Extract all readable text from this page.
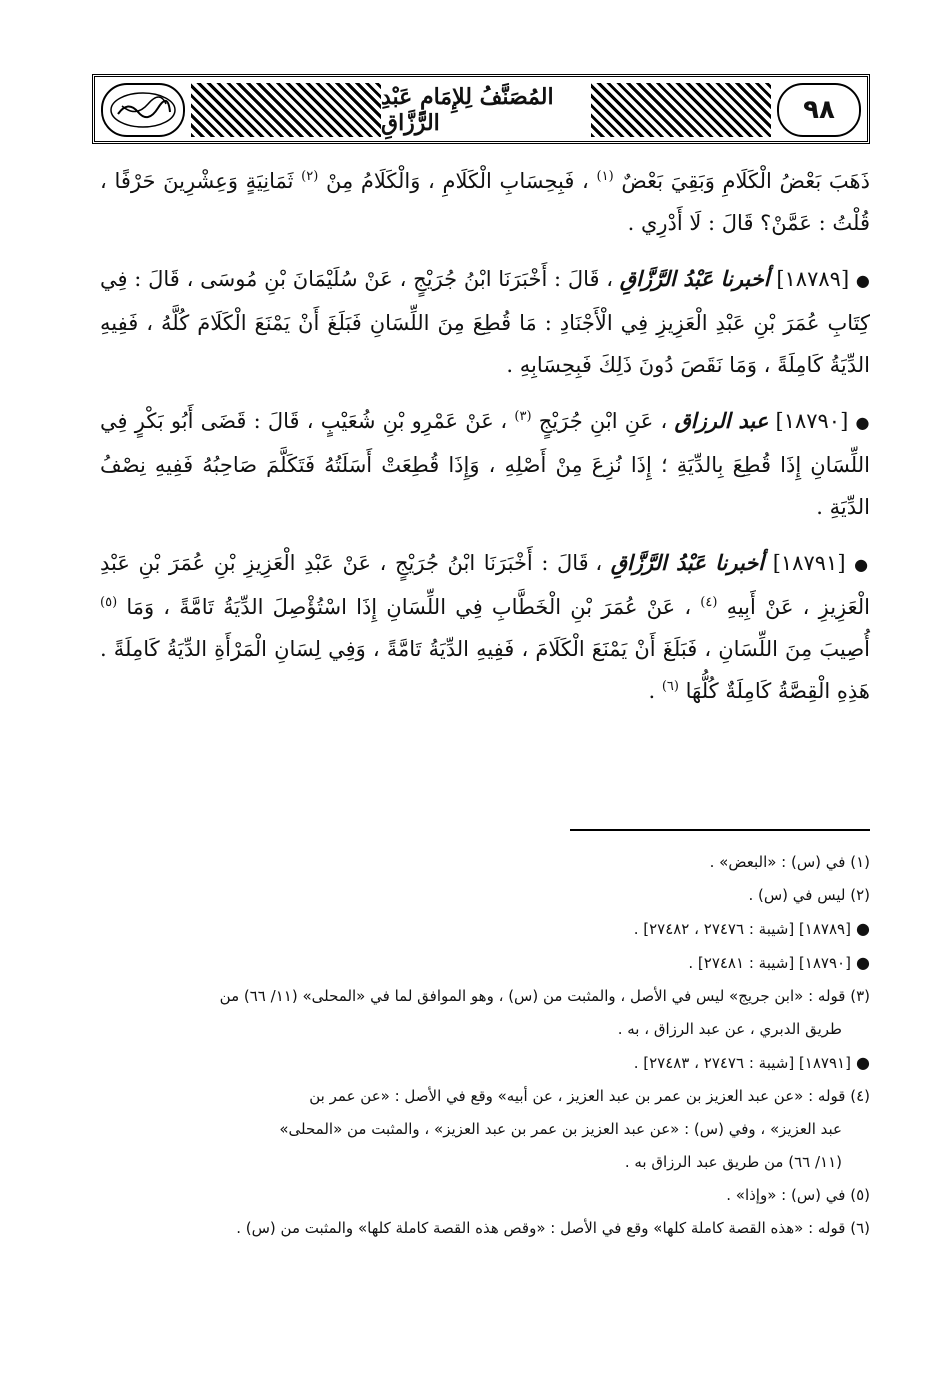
٩٨
المُصَنَّفُ لِلإِمَامِ عَبْدِ الرَّزَّاقِ

ذَهَبَ بَعْضُ الْكَلَامِ وَبَقِيَ بَعْضٌ $^{(١)}$ ، فَبِحِسَابِ الْكَلَامِ ، وَالْكَلَامُ مِنْ $^{(٢)}$ ثَمَانِيَةٍ وَعِشْرِينَ حَرْفًا ، قُلْتُ : عَمَّنْ؟ قَالَ : لَا أَدْرِي .

● [١٨٧٨٩] أخبرنا عَبْدُ الرَّزَّاقِ ، قَالَ : أَخْبَرَنَا ابْنُ جُرَيْجٍ ، عَنْ سُلَيْمَانَ بْنِ مُوسَى ، قَالَ : فِي كِتَابِ عُمَرَ بْنِ عَبْدِ الْعَزِيزِ فِي الْأَجْنَادِ : مَا قُطِعَ مِنَ اللِّسَانِ فَبَلَغَ أَنْ يَمْنَعَ الْكَلَامَ كُلَّهُ ، فَفِيهِ الدِّيَةُ كَامِلَةً ، وَمَا نَقَصَ دُونَ ذَلِكَ فَبِحِسَابِهِ .

● [١٨٧٩٠] عبد الرزاق ، عَنِ ابْنِ جُرَيْجٍ $^{(٣)}$ ، عَنْ عَمْرِو بْنِ شُعَيْبٍ ، قَالَ : قَضَى أَبُو بَكْرٍ فِي اللِّسَانِ إِذَا قُطِعَ بِالدِّيَةِ ؛ إِذَا نُزِعَ مِنْ أَصْلِهِ ، وَإِذَا قُطِعَتْ أَسَلَتُهُ فَتَكَلَّمَ صَاحِبُهُ فَفِيهِ نِصْفُ الدِّيَةِ .

● [١٨٧٩١] أخبرنا عَبْدُ الرَّزَّاقِ ، قَالَ : أَخْبَرَنَا ابْنُ جُرَيْجٍ ، عَنْ عَبْدِ الْعَزِيزِ بْنِ عُمَرَ بْنِ عَبْدِ الْعَزِيزِ ، عَنْ أَبِيهِ $^{(٤)}$ ، عَنْ عُمَرَ بْنِ الْخَطَّابِ فِي اللِّسَانِ إِذَا اسْتُؤْصِلَ الدِّيَةُ تَامَّةً ، وَمَا $^{(٥)}$ أُصِيبَ مِنَ اللِّسَانِ ، فَبَلَغَ أَنْ يَمْنَعَ الْكَلَامَ ، فَفِيهِ الدِّيَةُ تَامَّةً ، وَفِي لِسَانِ الْمَرْأَةِ الدِّيَةُ كَامِلَةً . هَذِهِ الْقِصَّةُ كَامِلَةٌ كُلُّهَا $^{(٦)}$ .

(١) في (س) : «البعض» .
(٢) ليس في (س) .
● [١٨٧٨٩] [شيبة : ٢٧٤٧٦ ، ٢٧٤٨٢] .
● [١٨٧٩٠] [شيبة : ٢٧٤٨١] .
(٣) قوله : «ابن جريج» ليس في الأصل ، والمثبت من (س) ، وهو الموافق لما في «المحلى» (١١/ ٦٦) من
طريق الدبري ، عن عبد الرزاق ، به .
● [١٨٧٩١] [شيبة : ٢٧٤٧٦ ، ٢٧٤٨٣] .
(٤) قوله : «عن عبد العزيز بن عمر بن عبد العزيز ، عن أبيه» وقع في الأصل : «عن عمر بن
عبد العزيز» ، وفي (س) : «عن عبد العزيز بن عمر بن عبد العزيز» ، والمثبت من «المحلى»
(١١/ ٦٦) من طريق عبد الرزاق به .
(٥) في (س) : «وإذا» .
(٦) قوله : «هذه القصة كاملة كلها» وقع في الأصل : «وقص هذه القصة كاملة كلها» والمثبت من (س) .
